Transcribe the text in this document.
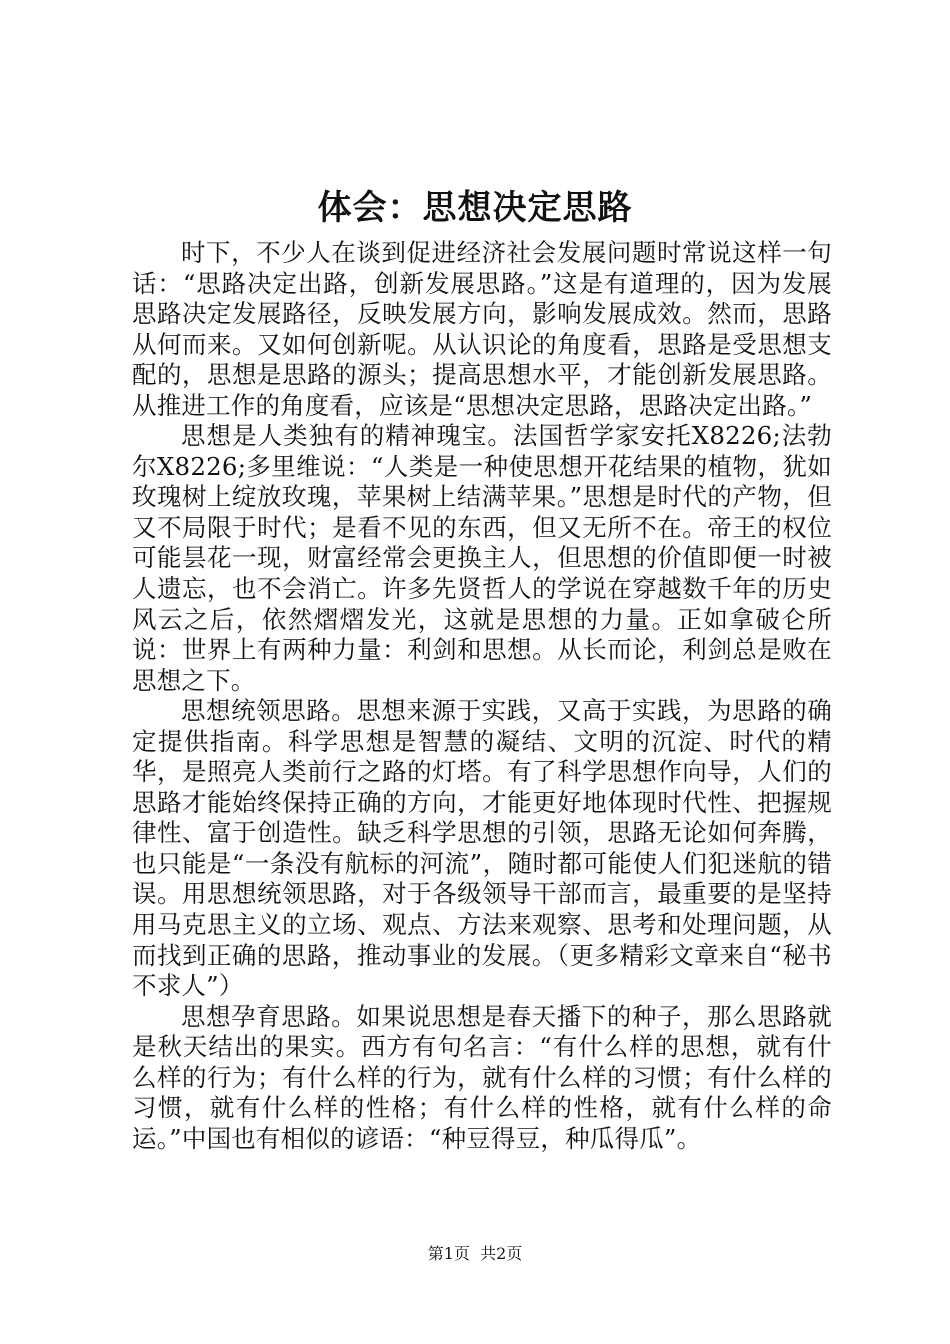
体会：思想决定思路

时下，不少人在谈到促进经济社会发展问题时常说这样一句话：“思路决定出路，创新发展思路。”这是有道理的，因为发展思路决定发展路径，反映发展方向，影响发展成效。然而，思路从何而来。又如何创新呢。从认识论的角度看，思路是受思想支配的，思想是思路的源头；提高思想水平，才能创新发展思路。从推进工作的角度看，应该是“思想决定思路，思路决定出路。”

思想是人类独有的精神瑰宝。法国哲学家安托X8226;法勃尔X8226;多里维说：“人类是一种使思想开花结果的植物，犹如玫瑰树上绽放玫瑰，苹果树上结满苹果。”思想是时代的产物，但又不局限于时代；是看不见的东西，但又无所不在。帝王的权位可能昙花一现，财富经常会更换主人，但思想的价值即便一时被人遗忘，也不会消亡。许多先贤哲人的学说在穿越数千年的历史风云之后，依然熠熠发光，这就是思想的力量。正如拿破仑所说：世界上有两种力量：利剑和思想。从长而论，利剑总是败在思想之下。

思想统领思路。思想来源于实践，又高于实践，为思路的确定提供指南。科学思想是智慧的凝结、文明的沉淀、时代的精华，是照亮人类前行之路的灯塔。有了科学思想作向导，人们的思路才能始终保持正确的方向，才能更好地体现时代性、把握规律性、富于创造性。缺乏科学思想的引领，思路无论如何奔腾，也只能是“一条没有航标的河流”，随时都可能使人们犯迷航的错误。用思想统领思路，对于各级领导干部而言，最重要的是坚持用马克思主义的立场、观点、方法来观察、思考和处理问题，从而找到正确的思路，推动事业的发展。（更多精彩文章来自“秘书不求人”）

思想孕育思路。如果说思想是春天播下的种子，那么思路就是秋天结出的果实。西方有句名言：“有什么样的思想，就有什么样的行为；有什么样的行为，就有什么样的习惯；有什么样的习惯，就有什么样的性格；有什么样的性格，就有什么样的命运。”中国也有相似的谚语：“种豆得豆，种瓜得瓜”。

第1页 共2页
